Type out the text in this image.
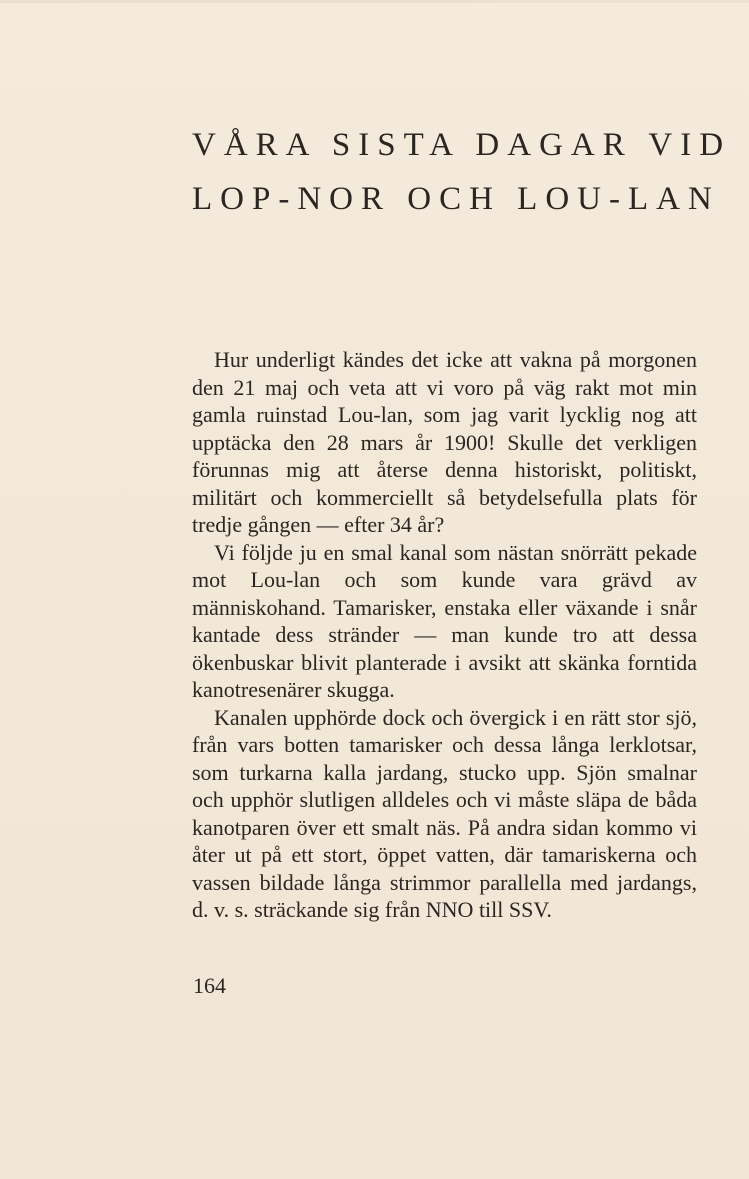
VÅRA SISTA DAGAR VID
LOP-NOR OCH LOU-LAN

Hur underligt kändes det icke att vakna på morgonen den 21 maj och veta att vi voro på väg rakt mot min gamla ruinstad Lou-lan, som jag varit lycklig nog att upptäcka den 28 mars år 1900! Skulle det verkligen förunnas mig att återse denna historiskt, politiskt, militärt och kommerciellt så betydelsefulla plats för tredje gången — efter 34 år?

Vi följde ju en smal kanal som nästan snörrätt pekade mot Lou-lan och som kunde vara grävd av människohand. Tamarisker, enstaka eller växande i snår kantade dess stränder — man kunde tro att dessa ökenbuskar blivit planterade i avsikt att skänka forntida kanotresenärer skugga.

Kanalen upphörde dock och övergick i en rätt stor sjö, från vars botten tamarisker och dessa långa lerklotsar, som turkarna kalla jardang, stucko upp. Sjön smalnar och upphör slutligen alldeles och vi måste släpa de båda kanotparen över ett smalt näs. På andra sidan kommo vi åter ut på ett stort, öppet vatten, där tamariskerna och vassen bildade långa strimmor parallella med jardangs, d. v. s. sträckande sig från NNO till SSV.

164
